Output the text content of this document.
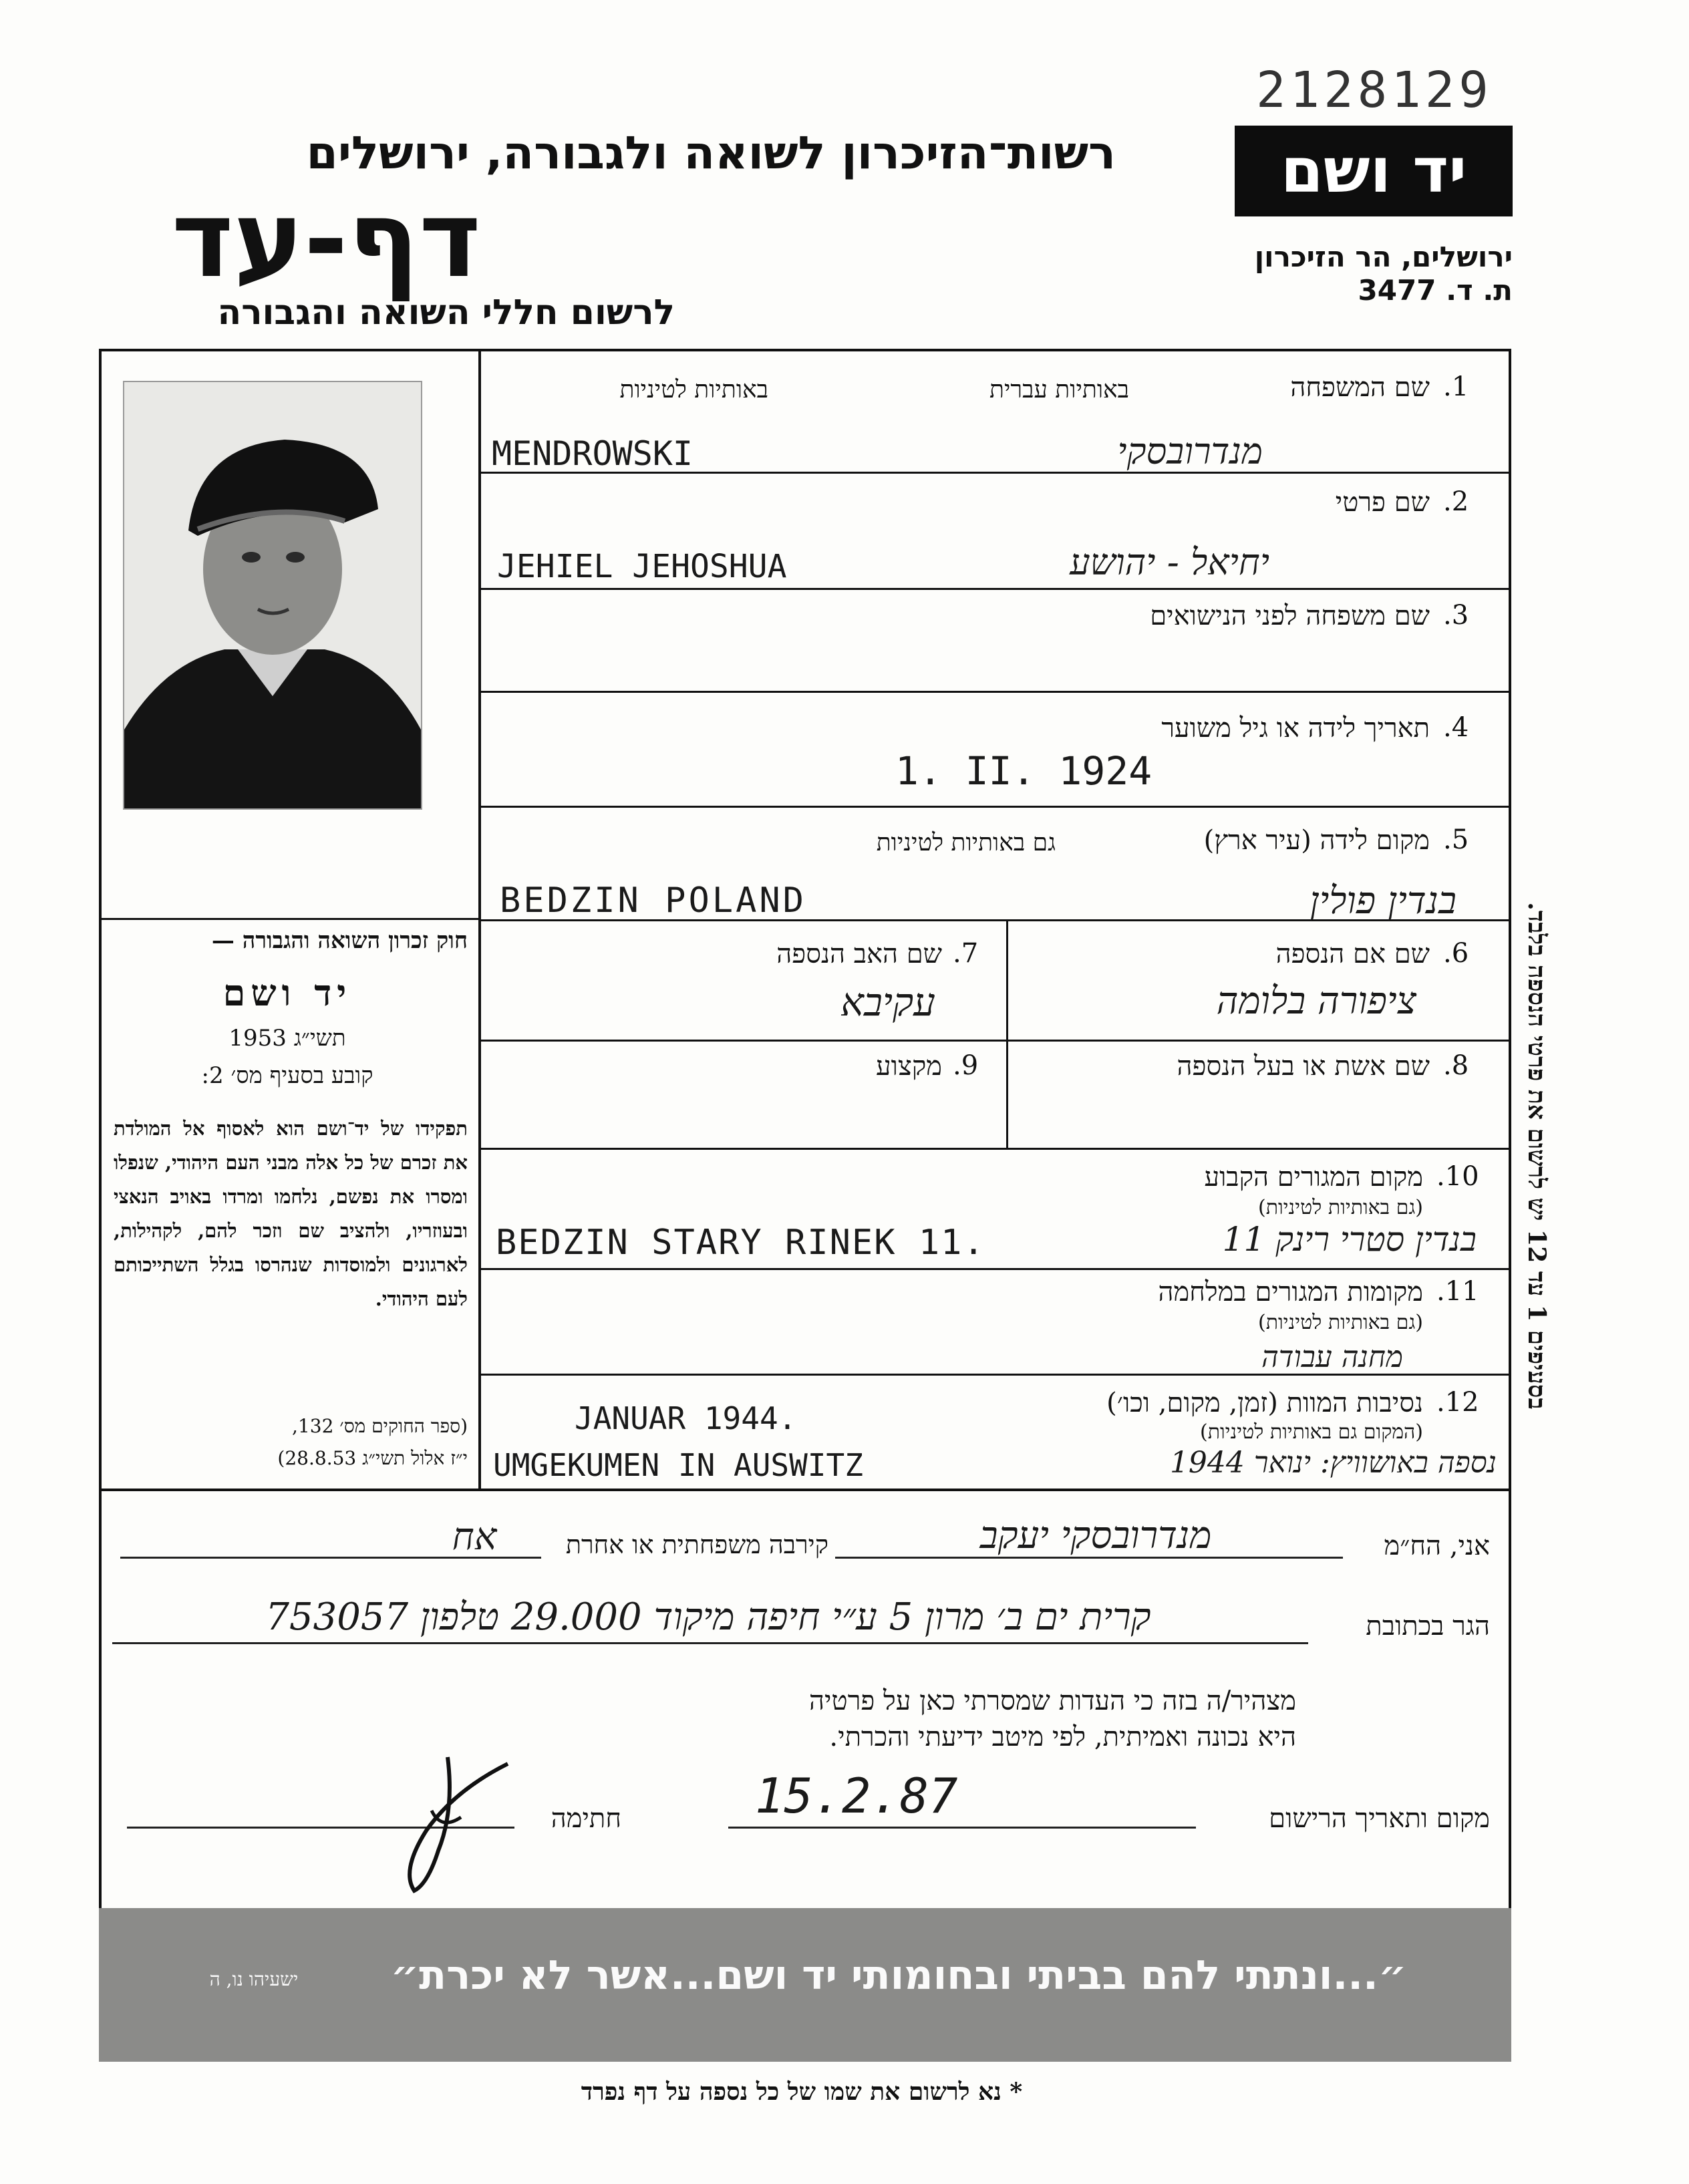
2128129
רשות־הזיכרון לשואה ולגבורה, ירושלים
דף-עד
לרשום חללי השואה והגבורה
יד ושם
ירושלים, הר הזיכרון
ת. ד. 3477
חוק זכרון השואה והגבורה —
יד ושם
תשי״ג 1953
קובע בסעיף מס׳ 2:
תפקידו של יד־ושם הוא לאסוף אל המולדת את זכרם של כל אלה מבני העם היהודי, שנפלו ומסרו את נפשם, נלחמו ומרדו באויב הנאצי ובעוזריו, ולהציב שם וזכר להם, לקהילות, לארגונים ולמוסדות שנהרסו בגלל השתייכותם לעם היהודי.
(ספר החוקים מס׳ 132,
י״ז אלול תשי״ג 28.8.53)
1.
שם המשפחה
באותיות עברית
באותיות לטיניות
MENDROWSKI	מנדרובסקי
2.
שם פרטי
JEHIEL JEHOSHUA	יחיאל - יהושע
3.
שם משפחה לפני הנישואים
4.
תאריך לידה או גיל משוער
1. II. 1924
5.
מקום לידה (עיר ארץ)
גם באותיות לטיניות
BEDZIN POLAND	בנדין פולין
6.
שם אם הנספה
ציפורה בלומה
7.
שם האב הנספה
עקיבא
8.
שם אשת או בעל הנספה
9.
מקצוע
10.
מקום המגורים הקבוע
(גם באותיות לטיניות)
BEDZIN STARY RINEK 11.	בנדין סטרי רינק 11
11.
מקומות המגורים במלחמה
(גם באותיות לטיניות)
מחנה עבודה
12.
נסיבות המוות (זמן, מקום, וכו׳)
(המקום גם באותיות לטיניות)
JANUAR 1944.
UMGEKUMEN IN AUSWITZ	נספה באושוויץ: ינואר 1944
בסעיפים 1 עד 12 יש לרשום את פרטי הנספה בלבד.
אני, הח״מ
מנדרובסקי יעקב
קירבה משפחתית או אחרת
אח
הגר בכתובת
קרית ים ב׳ מרון 5 ע״י חיפה מיקוד 29.000 טלפון 753057
מצהיר/ה בזה כי העדות שמסרתי כאן על פרטיה
היא נכונה ואמיתית, לפי מיטב ידיעתי והכרתי.
מקום ותאריך הרישום
15.2.87
חתימה
״...ונתתי להם בביתי ובחומותי יד ושם...אשר לא יכרת״
ישעיהו נו, ה
* נא לרשום את שמו של כל נספה על דף נפרד
